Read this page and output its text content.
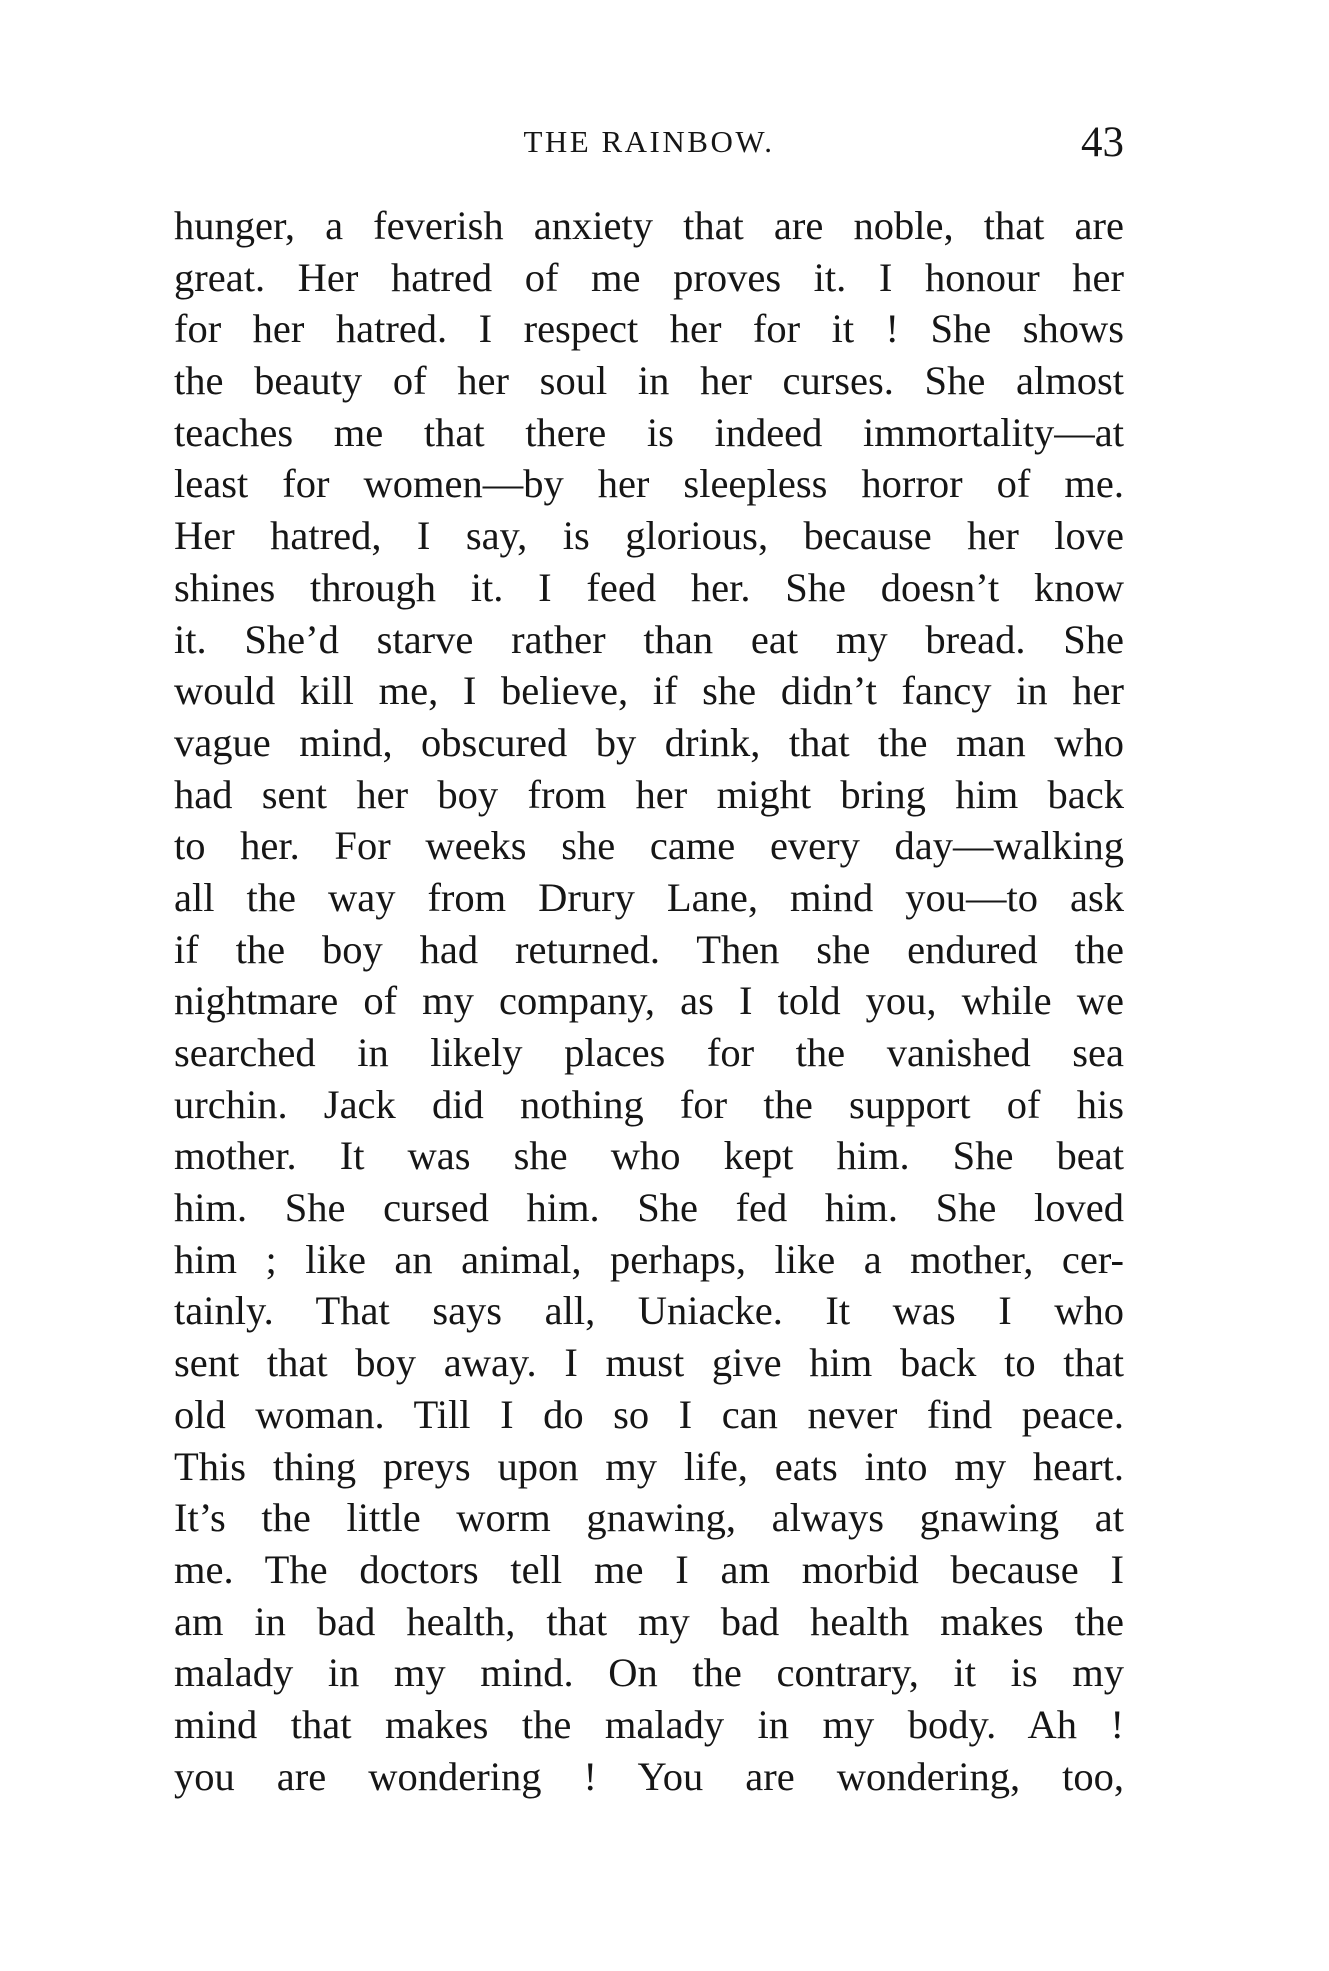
THE RAINBOW.	43
hunger, a feverish anxiety that are noble, that are
great. Her hatred of me proves it. I honour her
for her hatred. I respect her for it ! She shows
the beauty of her soul in her curses. She almost
teaches me that there is indeed immortality—at
least for women—by her sleepless horror of me.
Her hatred, I say, is glorious, because her love
shines through it. I feed her. She doesn’t know
it. She’d starve rather than eat my bread. She
would kill me, I believe, if she didn’t fancy in her
vague mind, obscured by drink, that the man who
had sent her boy from her might bring him back
to her. For weeks she came every day—walking
all the way from Drury Lane, mind you—to ask
if the boy had returned. Then she endured the
nightmare of my company, as I told you, while we
searched in likely places for the vanished sea
urchin. Jack did nothing for the support of his
mother. It was she who kept him. She beat
him. She cursed him. She fed him. She loved
him ; like an animal, perhaps, like a mother, cer-
tainly. That says all, Uniacke. It was I who
sent that boy away. I must give him back to that
old woman. Till I do so I can never find peace.
This thing preys upon my life, eats into my heart.
It’s the little worm gnawing, always gnawing at
me. The doctors tell me I am morbid because I
am in bad health, that my bad health makes the
malady in my mind. On the contrary, it is my
mind that makes the malady in my body. Ah !
you are wondering ! You are wondering, too,
